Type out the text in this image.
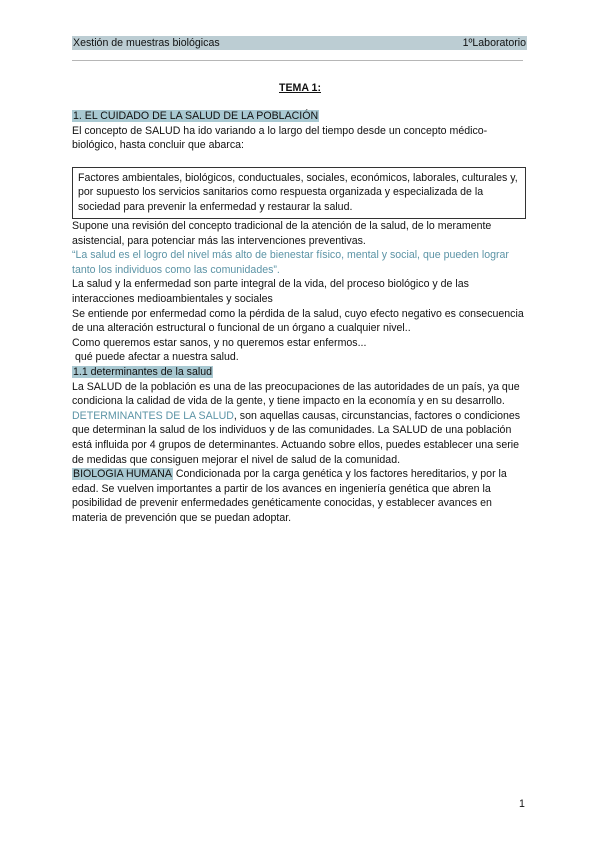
Xestión de muestras biológicas	1ºLaboratorio
TEMA 1:

1. EL CUIDADO DE LA SALUD DE LA POBLACIÓN

El concepto de SALUD ha ido variando a lo largo del tiempo desde un concepto médico-biológico, hasta concluir que abarca:

Factores ambientales, biológicos, conductuales, sociales, económicos, laborales, culturales y, por supuesto los servicios sanitarios como respuesta organizada y especializada de la sociedad para prevenir la enfermedad y restaurar la salud.

Supone una revisión del concepto tradicional de la atención de la salud, de lo meramente asistencial, para potenciar más las intervenciones preventivas.

“La salud es el logro del nivel más alto de bienestar físico, mental y social, que pueden lograr tanto los individuos como las comunidades”.

La salud y la enfermedad son parte integral de la vida, del proceso biológico y de las interacciones medioambientales y sociales

Se entiende por enfermedad como la pérdida de la salud, cuyo efecto negativo es consecuencia de una alteración estructural o funcional de un órgano a cualquier nivel..

Como queremos estar sanos, y no queremos estar enfermos...

qué puede afectar a nuestra salud.

1.1 determinantes de la salud

La SALUD de la población es una de las preocupaciones de las autoridades de un país, ya que condiciona la calidad de vida de la gente, y tiene impacto en la economía y en su desarrollo.

DETERMINANTES DE LA SALUD, son aquellas causas, circunstancias, factores o condiciones que determinan la salud de los individuos y de las comunidades. La SALUD de una población está influida por 4 grupos de determinantes. Actuando sobre ellos, puedes establecer una serie de medidas que consiguen mejorar el nivel de salud de la comunidad.

BIOLOGIA HUMANA Condicionada por la carga genética y los factores hereditarios, y por la edad. Se vuelven importantes a partir de los avances en ingeniería genética que abren la posibilidad de prevenir enfermedades genéticamente conocidas, y establecer avances en materia de prevención que se puedan adoptar.

1
